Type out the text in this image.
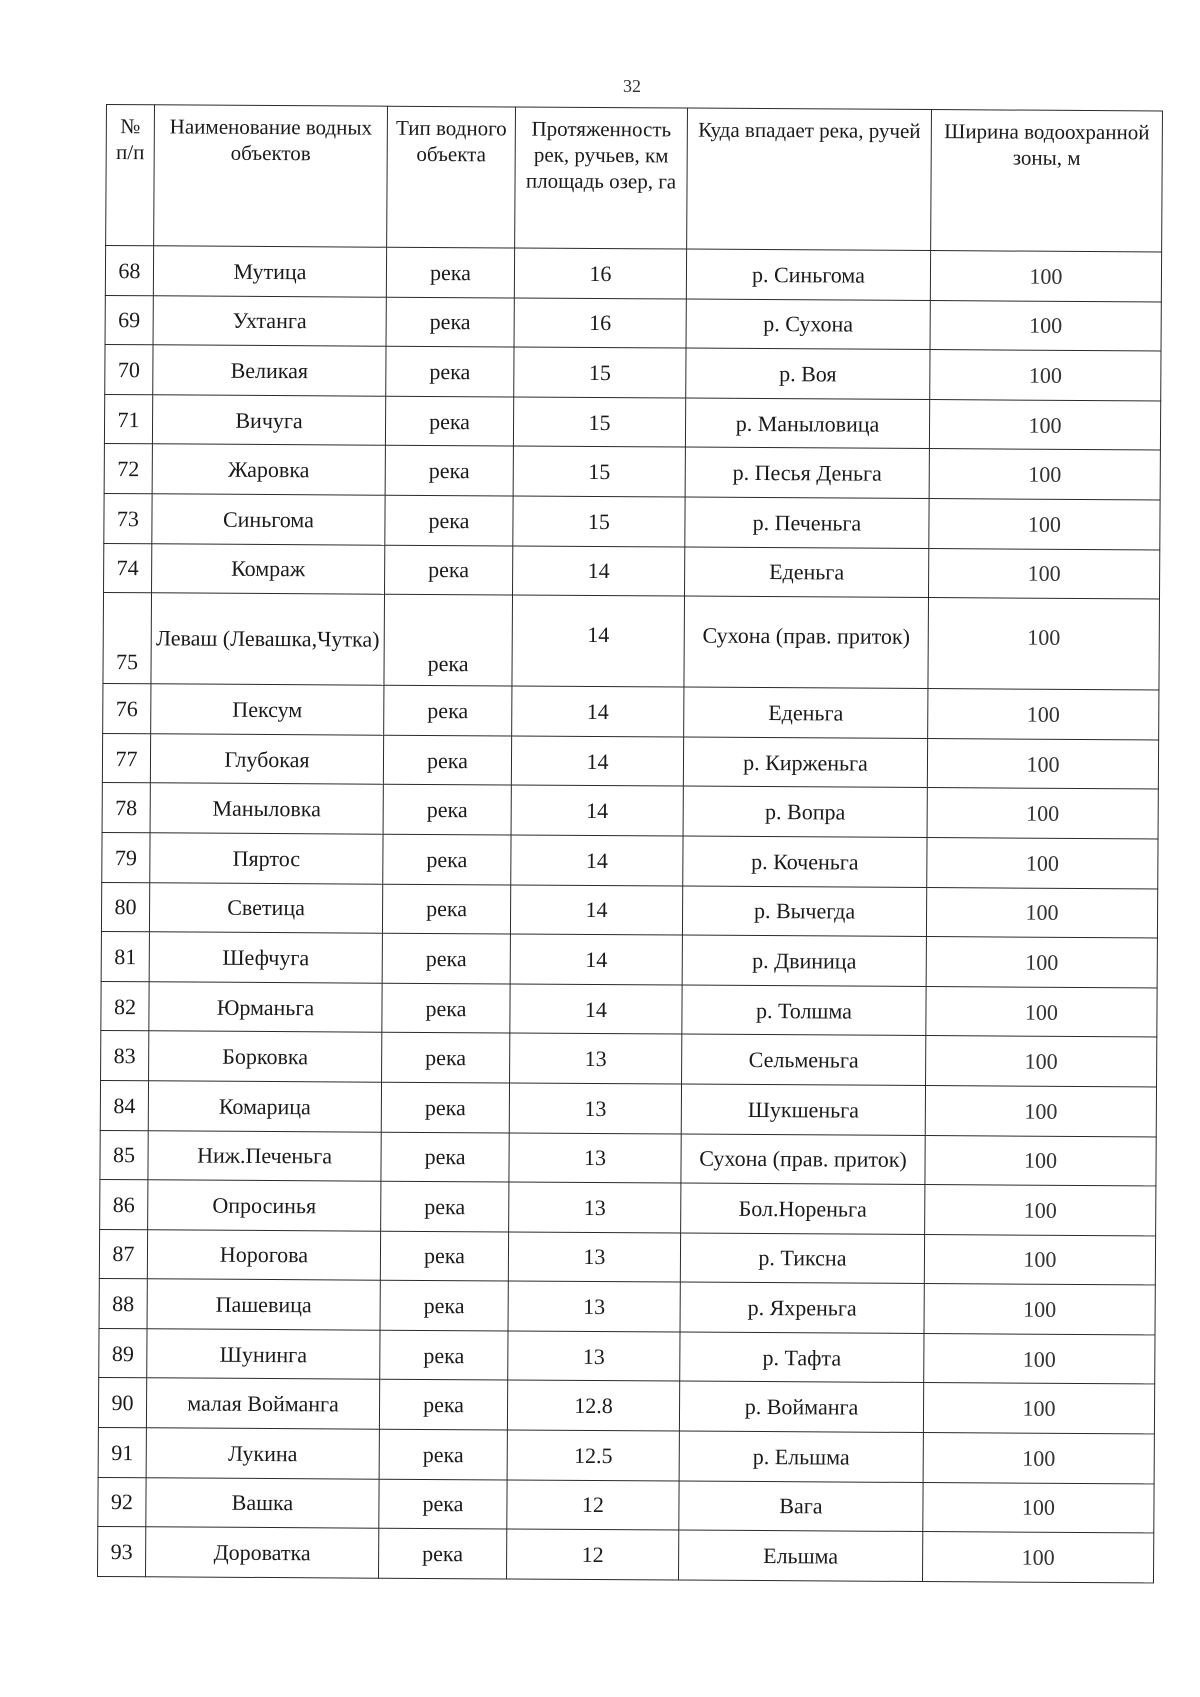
32
№ п/п	Наименование водных объектов	Тип водного объекта	Протяженность рек, ручьев, км площадь озер, га	Куда впадает река, ручей	Ширина водоохранной зоны, м
68	Мутица	река	16	р. Синьгома	100
69	Ухтанга	река	16	р. Сухона	100
70	Великая	река	15	р. Воя	100
71	Вичуга	река	15	р. Маныловица	100
72	Жаровка	река	15	р. Песья Деньга	100
73	Синьгома	река	15	р. Печеньга	100
74	Комраж	река	14	Еденьга	100
75	Леваш (Левашка,Чутка)	река	14	Сухона (прав. приток)	100
76	Пексум	река	14	Еденьга	100
77	Глубокая	река	14	р. Кирженьга	100
78	Маныловка	река	14	р. Вопра	100
79	Пяртос	река	14	р. Коченьга	100
80	Светица	река	14	р. Вычегда	100
81	Шефчуга	река	14	р. Двиница	100
82	Юрманьга	река	14	р. Толшма	100
83	Борковка	река	13	Сельменьга	100
84	Комарица	река	13	Шукшеньга	100
85	Ниж.Печеньга	река	13	Сухона (прав. приток)	100
86	Опросинья	река	13	Бол.Нореньга	100
87	Норогова	река	13	р. Тиксна	100
88	Пашевица	река	13	р. Яхреньга	100
89	Шунинга	река	13	р. Тафта	100
90	малая Войманга	река	12.8	р. Войманга	100
91	Лукина	река	12.5	р. Ельшма	100
92	Вашка	река	12	Вага	100
93	Дороватка	река	12	Ельшма	100
